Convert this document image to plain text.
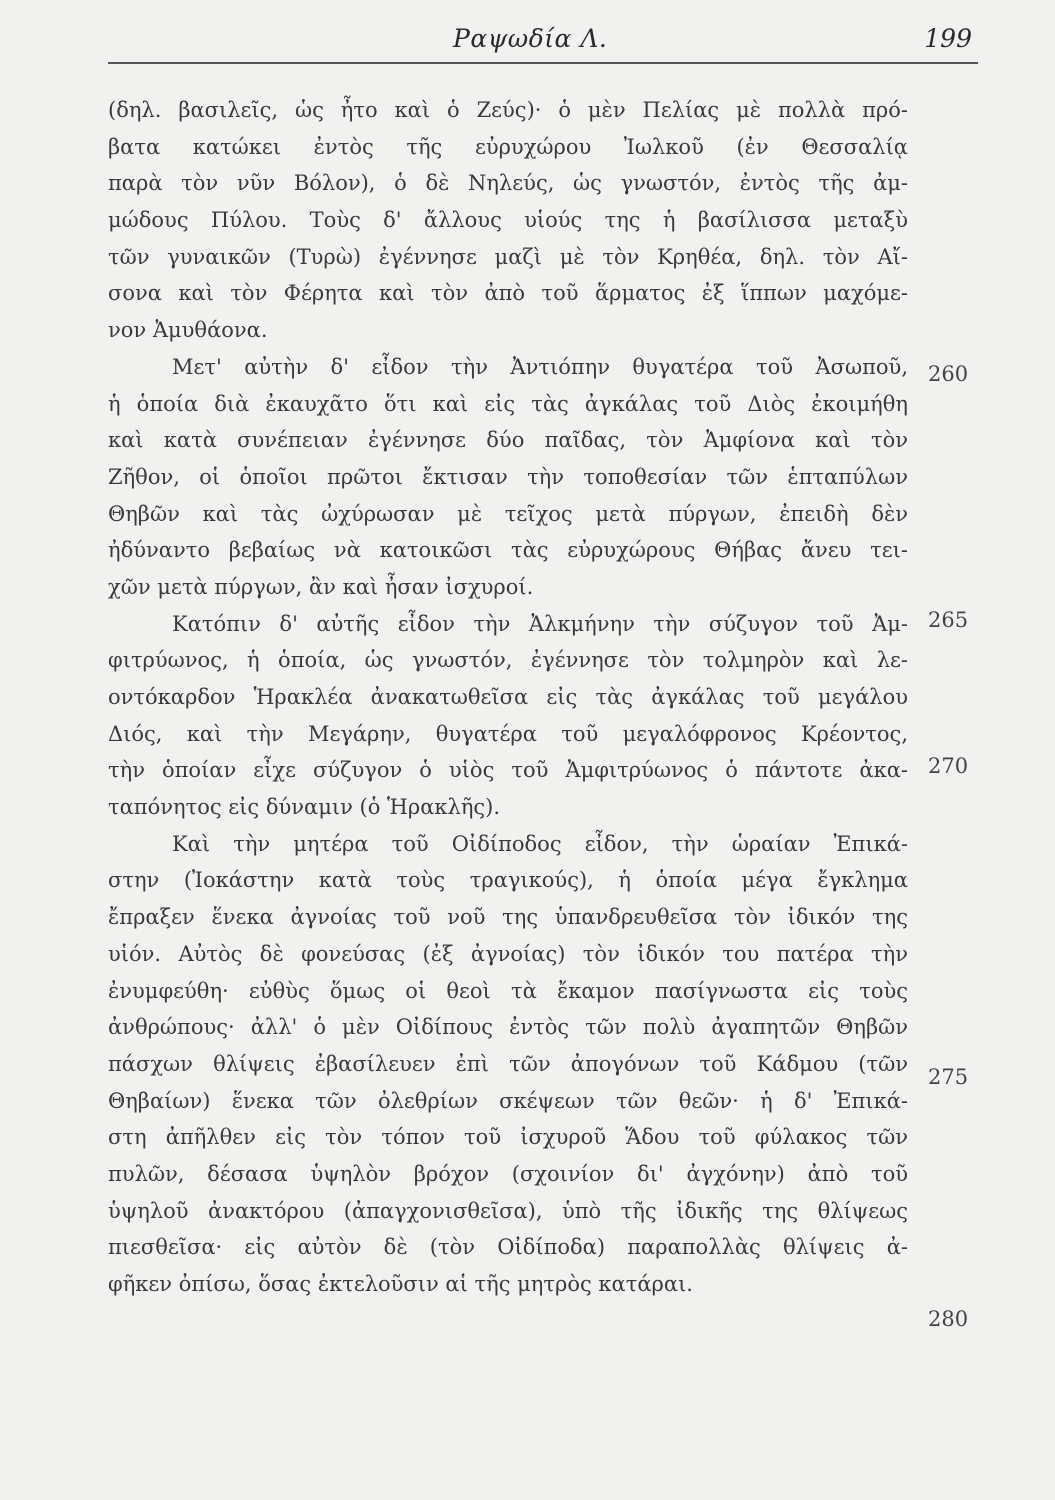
Ραψωδία Λ.	199
(δηλ. βασιλεῖς, ὡς ἦτο καὶ ὁ Ζεύς)· ὁ μὲν Πελίας μὲ πολλὰ πρό-
βατα κατώκει ἐντὸς τῆς εὐρυχώρου Ἰωλκοῦ (ἐν Θεσσαλίᾳ
παρὰ τὸν νῦν Βόλον), ὁ δὲ Νηλεύς, ὡς γνωστόν, ἐντὸς τῆς ἀμ-
μώδους Πύλου. Τοὺς δ' ἄλλους υἱούς της ἡ βασίλισσα μεταξὺ
τῶν γυναικῶν (Τυρὼ) ἐγέννησε μαζὶ μὲ τὸν Κρηθέα, δηλ. τὸν Αἴ-
σονα καὶ τὸν Φέρητα καὶ τὸν ἀπὸ τοῦ ἅρματος ἐξ ἵππων μαχόμε-
νον Ἀμυθάονα.
Μετ' αὐτὴν δ' εἶδον τὴν Ἀντιόπην θυγατέρα τοῦ Ἀσωποῦ,
ἡ ὁποία διὰ ἐκαυχᾶτο ὅτι καὶ εἰς τὰς ἀγκάλας τοῦ Διὸς ἐκοιμήθη
καὶ κατὰ συνέπειαν ἐγέννησε δύο παῖδας, τὸν Ἀμφίονα καὶ τὸν
Ζῆθον, οἱ ὁποῖοι πρῶτοι ἔκτισαν τὴν τοποθεσίαν τῶν ἑπταπύλων
Θηβῶν καὶ τὰς ὠχύρωσαν μὲ τεῖχος μετὰ πύργων, ἐπειδὴ δὲν
ἠδύναντο βεβαίως νὰ κατοικῶσι τὰς εὐρυχώρους Θήβας ἄνευ τει-
χῶν μετὰ πύργων, ἂν καὶ ἦσαν ἰσχυροί.
Κατόπιν δ' αὐτῆς εἶδον τὴν Ἀλκμήνην τὴν σύζυγον τοῦ Ἀμ-
φιτρύωνος, ἡ ὁποία, ὡς γνωστόν, ἐγέννησε τὸν τολμηρὸν καὶ λε-
οντόκαρδον Ἡρακλέα ἀνακατωθεῖσα εἰς τὰς ἀγκάλας τοῦ μεγάλου
Διός, καὶ τὴν Μεγάρην, θυγατέρα τοῦ μεγαλόφρονος Κρέοντος,
τὴν ὁποίαν εἶχε σύζυγον ὁ υἱὸς τοῦ Ἀμφιτρύωνος ὁ πάντοτε ἀκα-
ταπόνητος εἰς δύναμιν (ὁ Ἡρακλῆς).
Καὶ τὴν μητέρα τοῦ Οἰδίποδος εἶδον, τὴν ὡραίαν Ἐπικά-
στην (Ἰοκάστην κατὰ τοὺς τραγικούς), ἡ ὁποία μέγα ἔγκλημα
ἔπραξεν ἕνεκα ἀγνοίας τοῦ νοῦ της ὑπανδρευθεῖσα τὸν ἰδικόν της
υἱόν. Αὐτὸς δὲ φονεύσας (ἐξ ἀγνοίας) τὸν ἰδικόν του πατέρα τὴν
ἐνυμφεύθη· εὐθὺς ὅμως οἱ θεοὶ τὰ ἔκαμον πασίγνωστα εἰς τοὺς
ἀνθρώπους· ἀλλ' ὁ μὲν Οἰδίπους ἐντὸς τῶν πολὺ ἀγαπητῶν Θηβῶν
πάσχων θλίψεις ἐβασίλευεν ἐπὶ τῶν ἀπογόνων τοῦ Κάδμου (τῶν
Θηβαίων) ἕνεκα τῶν ὀλεθρίων σκέψεων τῶν θεῶν· ἡ δ' Ἐπικά-
στη ἀπῆλθεν εἰς τὸν τόπον τοῦ ἰσχυροῦ Ἅδου τοῦ φύλακος τῶν
πυλῶν, δέσασα ὑψηλὸν βρόχον (σχοινίον δι' ἀγχόνην) ἀπὸ τοῦ
ὑψηλοῦ ἀνακτόρου (ἀπαγχονισθεῖσα), ὑπὸ τῆς ἰδικῆς της θλίψεως
πιεσθεῖσα· εἰς αὐτὸν δὲ (τὸν Οἰδίποδα) παραπολλὰς θλίψεις ἀ-
φῆκεν ὀπίσω, ὅσας ἐκτελοῦσιν αἱ τῆς μητρὸς κατάραι.
260
265
270
275
280
